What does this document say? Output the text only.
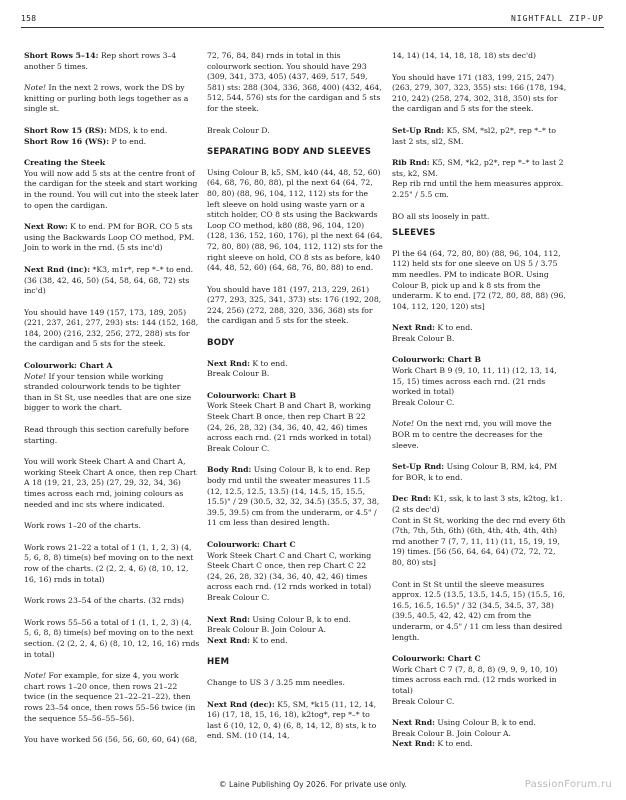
158	NIGHTFALL ZIP-UP

Short Rows 5–14: Rep short rows 3–4 another 5 times.

Note! In the next 2 rows, work the DS by knitting or purling both legs together as a single st.

Short Row 15 (RS): MDS, k to end.

Short Row 16 (WS): P to end.

Creating the Steek
You will now add 5 sts at the centre front of the cardigan for the steek and start working in the round. You will cut into the steek later to open the cardigan.

Next Row: K to end. PM for BOR. CO 5 sts using the Backwards Loop CO method, PM. Join to work in the rnd. (5 sts inc'd)

Next Rnd (inc): *K3, m1r*, rep *–* to end. (36 (38, 42, 46, 50) (54, 58, 64, 68, 72) sts inc'd)

You should have 149 (157, 173, 189, 205) (221, 237, 261, 277, 293) sts: 144 (152, 168, 184, 200) (216, 232, 256, 272, 288) sts for the cardigan and 5 sts for the steek.

Colourwork: Chart A
Note! If your tension while working stranded colourwork tends to be tighter than in St St, use needles that are one size bigger to work the chart.

Read through this section carefully before starting.

You will work Steek Chart A and Chart A, working Steek Chart A once, then rep Chart A 18 (19, 21, 23, 25) (27, 29, 32, 34, 36) times across each rnd, joining colours as needed and inc sts where indicated.

Work rows 1–20 of the charts.

Work rows 21–22 a total of 1 (1, 1, 2, 3) (4, 5, 6, 8, 8) time(s) bef moving on to the next row of the charts. (2 (2, 2, 4, 6) (8, 10, 12, 16, 16) rnds in total)

Work rows 23–54 of the charts. (32 rnds)

Work rows 55–56 a total of 1 (1, 1, 2, 3) (4, 5, 6, 8, 8) time(s) bef moving on to the next section. (2 (2, 2, 4, 6) (8, 10, 12, 16, 16) rnds in total)

Note! For example, for size 4, you work chart rows 1–20 once, then rows 21–22 twice (in the sequence 21–22–21–22), then rows 23–54 once, then rows 55–56 twice (in the sequence 55–56–55–56).

You have worked 56 (56, 56, 60, 60, 64) (68,

72, 76, 84, 84) rnds in total in this colourwork section. You should have 293 (309, 341, 373, 405) (437, 469, 517, 549, 581) sts: 288 (304, 336, 368, 400) (432, 464, 512, 544, 576) sts for the cardigan and 5 sts for the steek.

Break Colour D.

SEPARATING BODY AND SLEEVES

Using Colour B, k5, SM, k40 (44, 48, 52, 60) (64, 68, 76, 80, 88), pl the next 64 (64, 72, 80, 80) (88, 96, 104, 112, 112) sts for the left sleeve on hold using waste yarn or a stitch holder, CO 8 sts using the Backwards Loop CO method, k80 (88, 96, 104, 120) (128, 136, 152, 160, 176), pl the next 64 (64, 72, 80, 80) (88, 96, 104, 112, 112) sts for the right sleeve on hold, CO 8 sts as before, k40 (44, 48, 52, 60) (64, 68, 76, 80, 88) to end.

You should have 181 (197, 213, 229, 261) (277, 293, 325, 341, 373) sts: 176 (192, 208, 224, 256) (272, 288, 320, 336, 368) sts for the cardigan and 5 sts for the steek.

BODY

Next Rnd: K to end.
Break Colour B.

Colourwork: Chart B
Work Steek Chart B and Chart B, working Steek Chart B once, then rep Chart B 22 (24, 26, 28, 32) (34, 36, 40, 42, 46) times across each rnd. (21 rnds worked in total)
Break Colour C.

Body Rnd: Using Colour B, k to end. Rep body rnd until the sweater measures 11.5 (12, 12.5, 12.5, 13.5) (14, 14.5, 15, 15.5, 15.5)" / 29 (30.5, 32, 32, 34.5) (35.5, 37, 38, 39.5, 39.5) cm from the underarm, or 4.5" / 11 cm less than desired length.

Colourwork: Chart C
Work Steek Chart C and Chart C, working Steek Chart C once, then rep Chart C 22 (24, 26, 28, 32) (34, 36, 40, 42, 46) times across each rnd. (12 rnds worked in total)
Break Colour C.

Next Rnd: Using Colour B, k to end.
Break Colour B. Join Colour A.
Next Rnd: K to end.

HEM

Change to US 3 / 3.25 mm needles.

Next Rnd (dec): K5, SM, *k15 (11, 12, 14, 16) (17, 18, 15, 16, 18), k2tog*, rep *–* to last 6 (10, 12, 0, 4) (6, 8, 14, 12, 8) sts, k to end. SM. (10 (14, 14,

14, 14) (14, 14, 18, 18, 18) sts dec'd)

You should have 171 (183, 199, 215, 247) (263, 279, 307, 323, 355) sts: 166 (178, 194, 210, 242) (258, 274, 302, 318, 350) sts for the cardigan and 5 sts for the steek.

Set-Up Rnd: K5, SM, *sl2, p2*, rep *–* to last 2 sts, sl2, SM.

Rib Rnd: K5, SM, *k2, p2*, rep *–* to last 2 sts, k2, SM.
Rep rib rnd until the hem measures approx. 2.25" / 5.5 cm.

BO all sts loosely in patt.

SLEEVES

Pl the 64 (64, 72, 80, 80) (88, 96, 104, 112, 112) held sts for one sleeve on US 5 / 3.75 mm needles. PM to indicate BOR. Using Colour B, pick up and k 8 sts from the underarm. K to end. [72 (72, 80, 88, 88) (96, 104, 112, 120, 120) sts]

Next Rnd: K to end.
Break Colour B.

Colourwork: Chart B
Work Chart B 9 (9, 10, 11, 11) (12, 13, 14, 15, 15) times across each rnd. (21 rnds worked in total)
Break Colour C.

Note! On the next rnd, you will move the BOR m to centre the decreases for the sleeve.

Set-Up Rnd: Using Colour B, RM, k4, PM for BOR, k to end.

Dec Rnd: K1, ssk, k to last 3 sts, k2tog, k1.
(2 sts dec'd)
Cont in St St, working the dec rnd every 6th (7th, 7th, 5th, 6th) (6th, 4th, 4th, 4th, 4th) rnd another 7 (7, 7, 11, 11) (11, 15, 19, 19, 19) times. [56 (56, 64, 64, 64) (72, 72, 72, 80, 80) sts]

Cont in St St until the sleeve measures approx. 12.5 (13.5, 13.5, 14.5, 15) (15.5, 16, 16.5, 16.5, 16.5)" / 32 (34.5, 34.5, 37, 38) (39.5, 40.5, 42, 42, 42) cm from the underarm, or 4.5" / 11 cm less than desired length.

Colourwork: Chart C
Work Chart C 7 (7, 8, 8, 8) (9, 9, 9, 10, 10) times across each rnd. (12 rnds worked in total)
Break Colour C.

Next Rnd: Using Colour B, k to end.
Break Colour B. Join Colour A.
Next Rnd: K to end.

© Laine Publishing Oy 2026. For private use only.	PassionForum.ru
